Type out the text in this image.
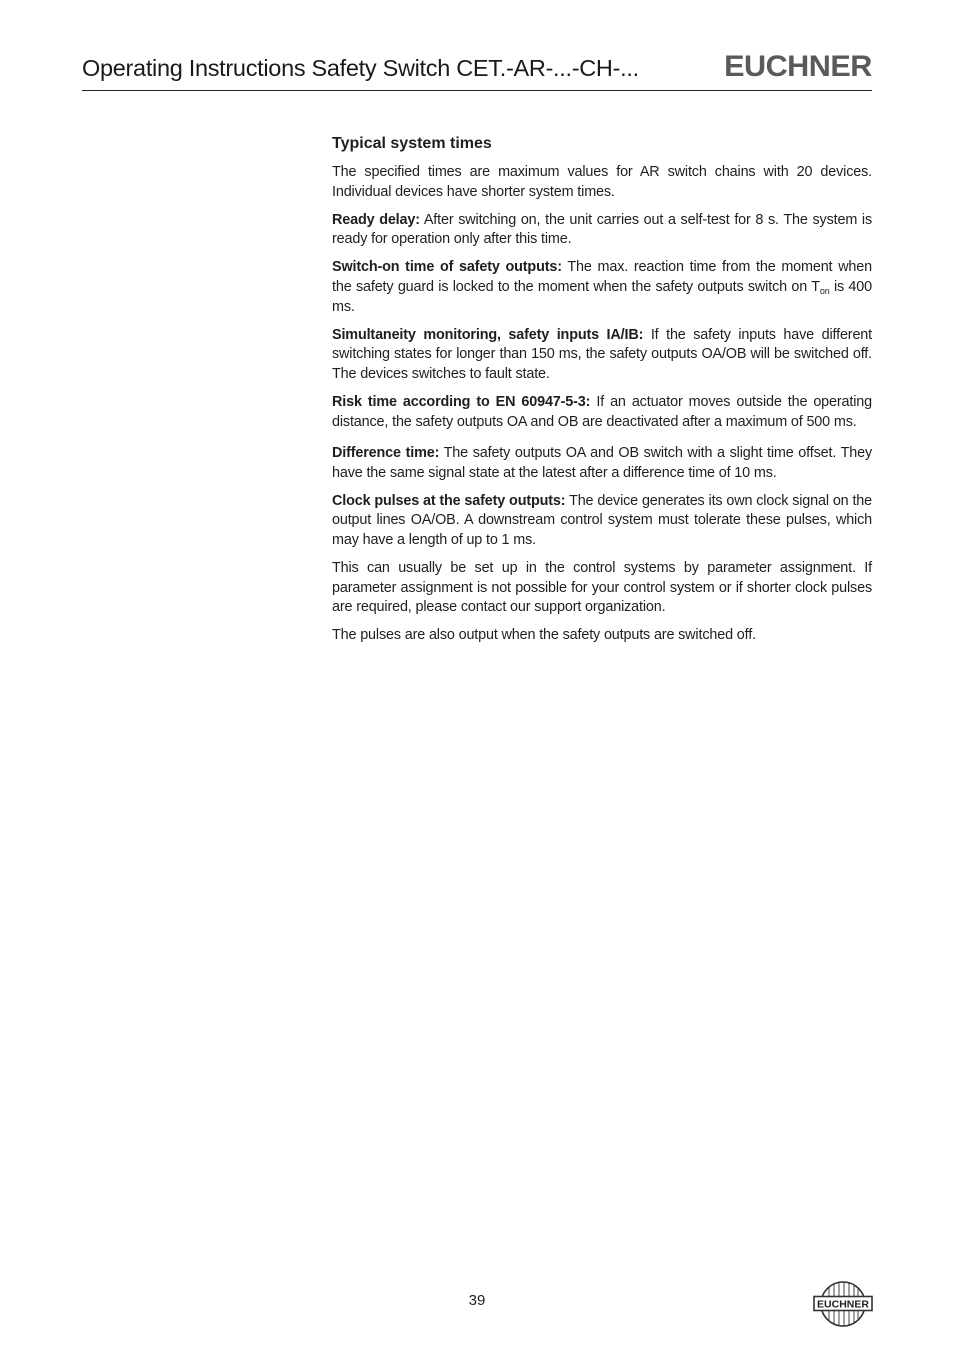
Operating Instructions Safety Switch CET.-AR-...-CH-...	EUCHNER
Typical system times

The specified times are maximum values for AR switch chains with 20 devices. Individual devices have shorter system times.

Ready delay: After switching on, the unit carries out a self-test for 8 s. The system is ready for operation only after this time.

Switch-on time of safety outputs: The max. reaction time from the moment when the safety guard is locked to the moment when the safety outputs switch on $T_{on}$ is 400 ms.

Simultaneity monitoring, safety inputs IA/IB: If the safety inputs have different switching states for longer than 150 ms, the safety outputs OA/OB will be switched off. The devices switches to fault state.

Risk time according to EN 60947-5-3: If an actuator moves outside the operating distance, the safety outputs OA and OB are deactivated after a maximum of 500 ms.

Difference time: The safety outputs OA and OB switch with a slight time offset. They have the same signal state at the latest after a difference time of 10 ms.

Clock pulses at the safety outputs: The device generates its own clock signal on the output lines OA/OB. A downstream control system must tolerate these pulses, which may have a length of up to 1 ms.

This can usually be set up in the control systems by parameter assignment. If parameter assignment is not possible for your control system or if shorter clock pulses are required, please contact our support organization.

The pulses are also output when the safety outputs are switched off.

39	EUCHNER
